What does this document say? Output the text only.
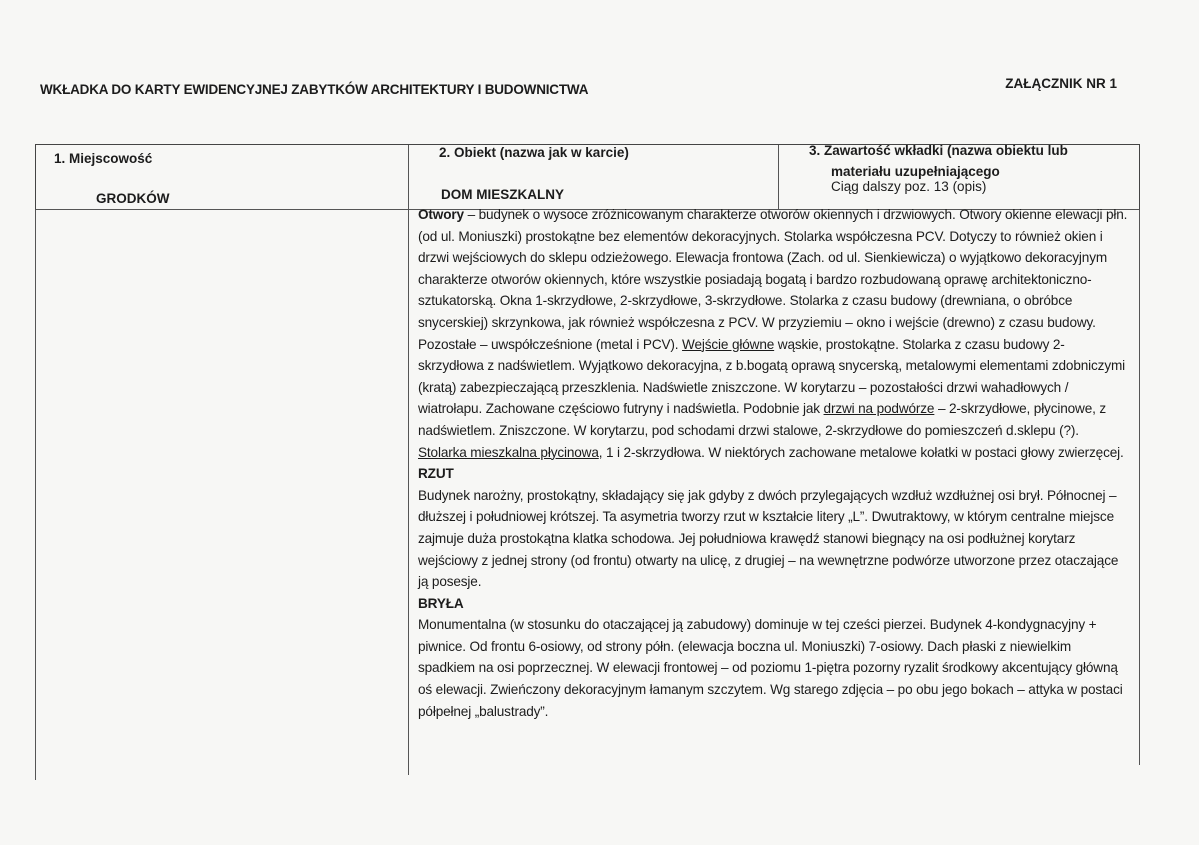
WKŁADKA DO KARTY EWIDENCYJNEJ ZABYTKÓW ARCHITEKTURY I BUDOWNICTWA	ZAŁĄCZNIK NR 1
1. Miejscowość
GRODKÓW
2. Obiekt (nazwa jak w karcie)
DOM MIESZKALNY
3. Zawartość wkładki (nazwa obiektu lub
materiału uzupełniającego
Ciąg dalszy poz. 13 (opis)

Otwory – budynek o wysoce zróżnicowanym charakterze otworów okiennych i drzwiowych. Otwory okienne elewacji płn. (od ul. Moniuszki) prostokątne bez elementów dekoracyjnych. Stolarka współczesna PCV. Dotyczy to również okien i drzwi wejściowych do sklepu odzieżowego. Elewacja frontowa (Zach. od ul. Sienkiewicza) o wyjątkowo dekoracyjnym charakterze otworów okiennych, które wszystkie posiadają bogatą i bardzo rozbudowaną oprawę architektoniczno-sztukatorską. Okna 1-skrzydłowe, 2-skrzydłowe, 3-skrzydłowe. Stolarka z czasu budowy (drewniana, o obróbce snycerskiej) skrzynkowa, jak również współczesna z PCV. W przyziemiu – okno i wejście (drewno) z czasu budowy. Pozostałe – uwspółcześnione (metal i PCV). Wejście główne wąskie, prostokątne. Stolarka z czasu budowy 2-skrzydłowa z nadświetlem. Wyjątkowo dekoracyjna, z b.bogatą oprawą snycerską, metalowymi elementami zdobniczymi (kratą) zabezpieczającą przeszklenia. Nadświetle zniszczone. W korytarzu – pozostałości drzwi wahadłowych / wiatrołapu. Zachowane częściowo futryny i nadświetla. Podobnie jak drzwi na podwórze – 2-skrzydłowe, płycinowe, z nadświetlem. Zniszczone. W korytarzu, pod schodami drzwi stalowe, 2-skrzydłowe do pomieszczeń d.sklepu (?). Stolarka mieszkalna płycinowa, 1 i 2-skrzydłowa. W niektórych zachowane metalowe kołatki w postaci głowy zwierzęcej.

RZUT
Budynek narożny, prostokątny, składający się jak gdyby z dwóch przylegających wzdłuż wzdłużnej osi brył. Północnej – dłuższej i południowej krótszej. Ta asymetria tworzy rzut w kształcie litery „L”. Dwutraktowy, w którym centralne miejsce zajmuje duża prostokątna klatka schodowa. Jej południowa krawędź stanowi biegnący na osi podłużnej korytarz wejściowy z jednej strony (od frontu) otwarty na ulicę, z drugiej – na wewnętrzne podwórze utworzone przez otaczające ją posesje.

BRYŁA
Monumentalna (w stosunku do otaczającej ją zabudowy) dominuje w tej cześci pierzei. Budynek 4-kondygnacyjny + piwnice. Od frontu 6-osiowy, od strony półn. (elewacja boczna ul. Moniuszki) 7-osiowy. Dach płaski z niewielkim spadkiem na osi poprzecznej. W elewacji frontowej – od poziomu 1-piętra pozorny ryzalit środkowy akcentujący główną oś elewacji. Zwieńczony dekoracyjnym łamanym szczytem. Wg starego zdjęcia – po obu jego bokach – attyka w postaci półpełnej „balustrady”.
